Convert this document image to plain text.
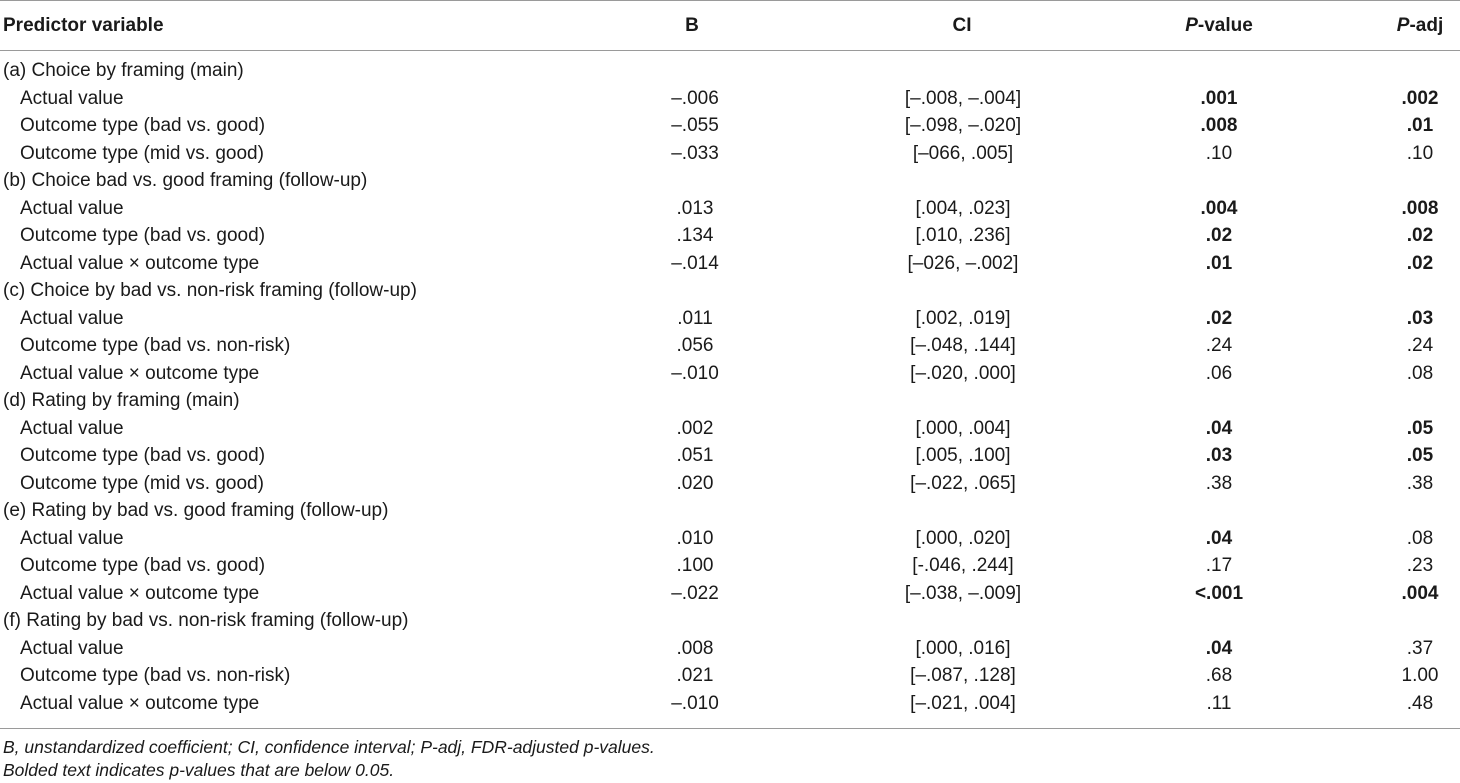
Predictor variable	B	CI	P-value	P-adj
(a) Choice by framing (main)
Actual value	–.006	[–.008, –.004]	.001	.002
Outcome type (bad vs. good)	–.055	[–.098, –.020]	.008	.01
Outcome type (mid vs. good)	–.033	[–066, .005]	.10	.10
(b) Choice bad vs. good framing (follow-up)
Actual value	.013	[.004, .023]	.004	.008
Outcome type (bad vs. good)	.134	[.010, .236]	.02	.02
Actual value × outcome type	–.014	[–026, –.002]	.01	.02
(c) Choice by bad vs. non-risk framing (follow-up)
Actual value	.011	[.002, .019]	.02	.03
Outcome type (bad vs. non-risk)	.056	[–.048, .144]	.24	.24
Actual value × outcome type	–.010	[–.020, .000]	.06	.08
(d) Rating by framing (main)
Actual value	.002	[.000, .004]	.04	.05
Outcome type (bad vs. good)	.051	[.005, .100]	.03	.05
Outcome type (mid vs. good)	.020	[–.022, .065]	.38	.38
(e) Rating by bad vs. good framing (follow-up)
Actual value	.010	[.000, .020]	.04	.08
Outcome type (bad vs. good)	.100	[-.046, .244]	.17	.23
Actual value × outcome type	–.022	[–.038, –.009]	<.001	.004
(f) Rating by bad vs. non-risk framing (follow-up)
Actual value	.008	[.000, .016]	.04	.37
Outcome type (bad vs. non-risk)	.021	[–.087, .128]	.68	1.00
Actual value × outcome type	–.010	[–.021, .004]	.11	.48
B, unstandardized coefficient; CI, confidence interval; P-adj, FDR-adjusted p-values.
Bolded text indicates p-values that are below 0.05.
